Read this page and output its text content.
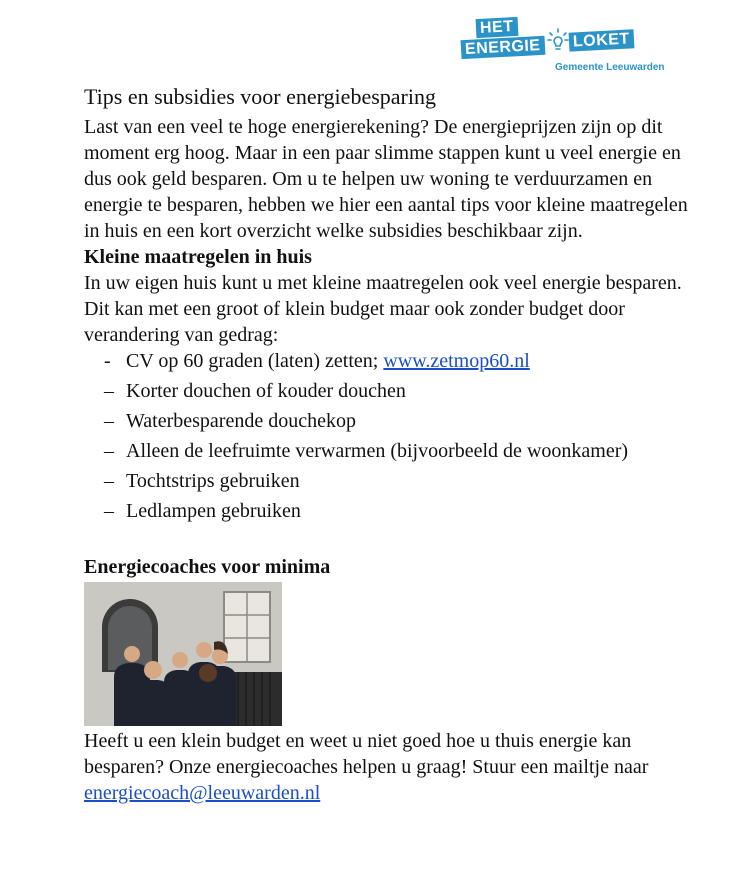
HET
ENERGIE LOKET
Gemeente Leeuwarden
Tips en subsidies voor energiebesparing

Last van een veel te hoge energierekening? De energieprijzen zijn op dit moment erg hoog. Maar in een paar slimme stappen kunt u veel energie en dus ook geld besparen. Om u te helpen uw woning te verduurzamen en energie te besparen, hebben we hier een aantal tips voor kleine maatregelen in huis en een kort overzicht welke subsidies beschikbaar zijn.

Kleine maatregelen in huis

In uw eigen huis kunt u met kleine maatregelen ook veel energie besparen. Dit kan met een groot of klein budget maar ook zonder budget door verandering van gedrag:

- CV op 60 graden (laten) zetten; www.zetmop60.nl
– Korter douchen of kouder douchen
– Waterbesparende douchekop
– Alleen de leefruimte verwarmen (bijvoorbeeld de woonkamer)
– Tochtstrips gebruiken
– Ledlampen gebruiken

Energiecoaches voor minima

Heeft u een klein budget en weet u niet goed hoe u thuis energie kan besparen? Onze energiecoaches helpen u graag! Stuur een mailtje naar energiecoach@leeuwarden.nl
